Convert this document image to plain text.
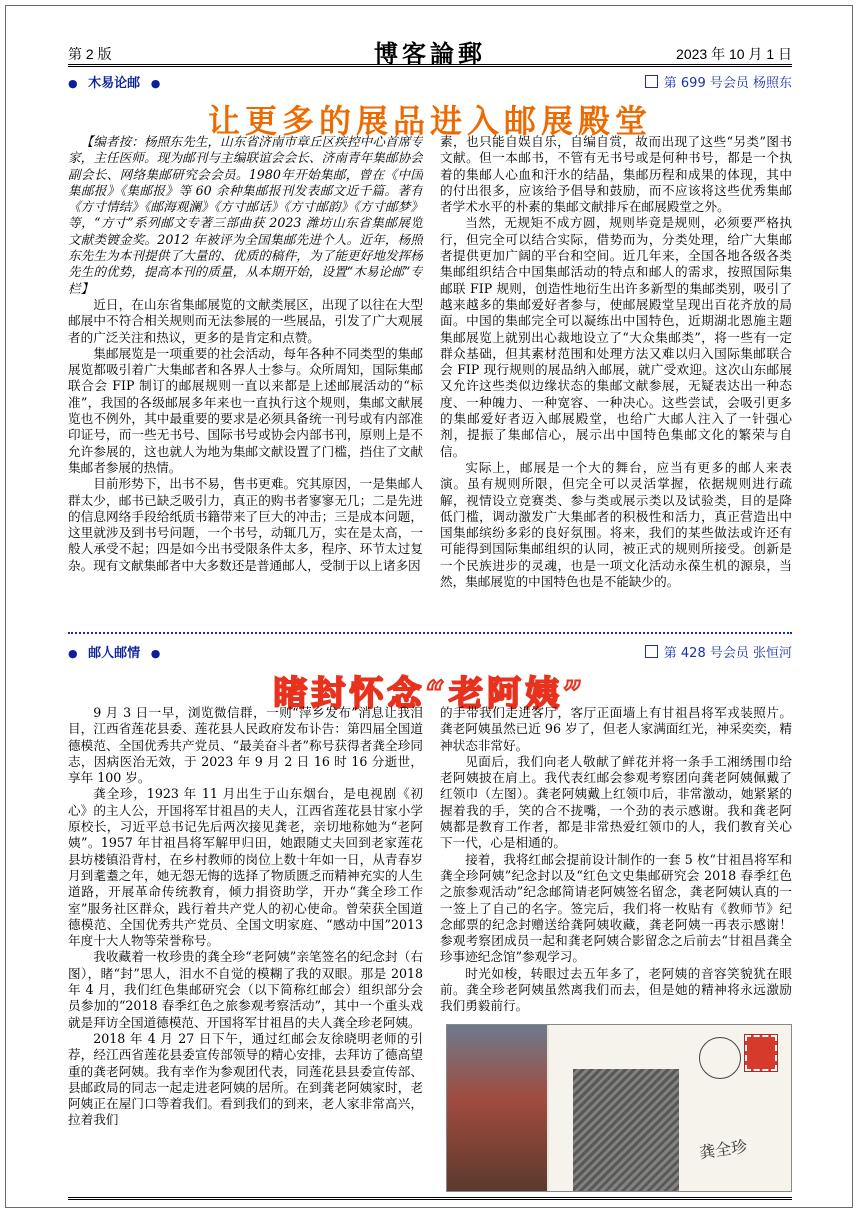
第 2 版	博客論郵	2023 年 10 月 1 日
● 木易论邮 ●	第 699 号会员 杨照东
让更多的展品进入邮展殿堂

【编者按：杨照东先生，山东省济南市章丘区疾控中心首席专家，主任医师。现为邮刊与主编联谊会会长、济南青年集邮协会副会长、网络集邮研究会会员。1980年开始集邮，曾在《中国集邮报》《集邮报》等 60 余种集邮报刊发表邮文近千篇。著有《方寸情结》《邮海观澜》《方寸邮话》《方寸邮韵》《方寸邮梦》等，“方寸”系列邮文专著三部曲获 2023 潍坊山东省集邮展览文献类镀金奖。2012 年被评为全国集邮先进个人。近年，杨照东先生为本刊提供了大量的、优质的稿件，为了能更好地发挥杨先生的优势，提高本刊的质量，从本期开始，设置“木易论邮”专栏】

近日，在山东省集邮展览的文献类展区，出现了以往在大型邮展中不符合相关规则而无法参展的一些展品，引发了广大观展者的广泛关注和热议，更多的是肯定和点赞。

集邮展览是一项重要的社会活动，每年各种不同类型的集邮展览都吸引着广大集邮者和各界人士参与。众所周知，国际集邮联合会 FIP 制订的邮展规则一直以来都是上述邮展活动的“标准”，我国的各级邮展多年来也一直执行这个规则，集邮文献展览也不例外，其中最重要的要求是必须具备统一刊号或有内部准印证号，而一些无书号、国际书号或协会内部书刊，原则上是不允许参展的，这也就人为地为集邮文献设置了门槛，挡住了文献集邮者参展的热情。

目前形势下，出书不易，售书更难。究其原因，一是集邮人群太少，邮书已缺乏吸引力，真正的购书者寥寥无几；二是先进的信息网络手段给纸质书籍带来了巨大的冲击；三是成本问题，这里就涉及到书号问题，一个书号，动辄几万，实在是太高，一般人承受不起；四是如今出书受限条件太多，程序、环节太过复杂。现有文献集邮者中大多数还是普通邮人，受制于以上诸多因

素，也只能自娱自乐，自编自赏，故而出现了这些“另类”图书文献。但一本邮书，不管有无书号或是何种书号，都是一个执着的集邮人心血和汗水的结晶，集邮历程和成果的体现，其中的付出很多，应该给予倡导和鼓励，而不应该将这些优秀集邮者学术水平的朴素的集邮文献排斥在邮展殿堂之外。

当然，无规矩不成方圆，规则毕竟是规则，必须要严格执行，但完全可以结合实际，借势而为，分类处理，给广大集邮者提供更加广阔的平台和空间。近几年来，全国各地各级各类集邮组织结合中国集邮活动的特点和邮人的需求，按照国际集邮联 FIP 规则，创造性地衍生出许多新型的集邮类别，吸引了越来越多的集邮爱好者参与，使邮展殿堂呈现出百花齐放的局面。中国的集邮完全可以凝练出中国特色，近期湖北恩施主题集邮展览上就别出心裁地设立了“大众集邮类”，将一些有一定群众基础，但其素材范围和处理方法又难以归入国际集邮联合会 FIP 现行规则的展品纳入邮展，就广受欢迎。这次山东邮展又允许这些类似边缘状态的集邮文献参展，无疑表达出一种态度、一种魄力、一种宽容、一种决心。这些尝试，会吸引更多的集邮爱好者迈入邮展殿堂，也给广大邮人注入了一针强心剂，提振了集邮信心，展示出中国特色集邮文化的繁荣与自信。

实际上，邮展是一个大的舞台，应当有更多的邮人来表演。虽有规则所限，但完全可以灵活掌握，依据规则进行疏解，视情设立竞赛类、参与类或展示类以及试验类，目的是降低门槛，调动激发广大集邮者的积极性和活力，真正营造出中国集邮缤纷多彩的良好氛围。将来，我们的某些做法或许还有可能得到国际集邮组织的认同，被正式的规则所接受。创新是一个民族进步的灵魂，也是一项文化活动永葆生机的源泉，当然，集邮展览的中国特色也是不能缺少的。

● 邮人邮情 ●	第 428 号会员 张恒河
睹封怀念“老阿姨”

9 月 3 日一早，浏览微信群，一则“萍乡发布”消息让我泪目，江西省莲花县委、莲花县人民政府发布讣告：第四届全国道德模范、全国优秀共产党员、“最美奋斗者”称号获得者龚全珍同志，因病医治无效，于 2023 年 9 月 2 日 16 时 16 分逝世，享年 100 岁。

龚全珍，1923 年 11 月出生于山东烟台，是电视剧《初心》的主人公，开国将军甘祖昌的夫人，江西省莲花县甘家小学原校长，习近平总书记先后两次接见龚老，亲切地称她为“老阿姨”。1957 年甘祖昌将军解甲归田，她跟随丈夫回到老家莲花县坊楼镇沿背村，在乡村教师的岗位上数十年如一日，从青春岁月到耄耋之年，她无怨无悔的选择了物质匮乏而精神充实的人生道路，开展革命传统教育，倾力捐资助学，开办“龚全珍工作室”服务社区群众，践行着共产党人的初心使命。曾荣获全国道德模范、全国优秀共产党员、全国文明家庭、“感动中国”2013 年度十大人物等荣誉称号。

我收藏着一枚珍贵的龚全珍“老阿姨”亲笔签名的纪念封（右图），睹“封”思人，泪水不自觉的模糊了我的双眼。那是 2018 年 4 月，我们红色集邮研究会（以下简称红邮会）组织部分会员参加的“2018 春季红色之旅参观考察活动”，其中一个重头戏就是拜访全国道德模范、开国将军甘祖昌的夫人龚全珍老阿姨。

2018 年 4 月 27 日下午，通过红邮会友徐晓明老师的引荐，经江西省莲花县委宣传部领导的精心安排，去拜访了德高望重的龚老阿姨。我有幸作为参观团代表，同莲花县县委宣传部、县邮政局的同志一起走进老阿姨的居所。在到龚老阿姨家时，老阿姨正在屋门口等着我们。看到我们的到来，老人家非常高兴，拉着我们

的手带我们走进客厅，客厅正面墙上有甘祖昌将军戎装照片。龚老阿姨虽然已近 96 岁了，但老人家满面红光，神采奕奕，精神状态非常好。

见面后，我们向老人敬献了鲜花并将一条手工湘绣围巾给老阿姨披在肩上。我代表红邮会参观考察团向龚老阿姨佩戴了红领巾（左图）。龚老阿姨戴上红领巾后，非常激动，她紧紧的握着我的手，笑的合不拢嘴，一个劲的表示感谢。我和龚老阿姨都是教育工作者，都是非常热爱红领巾的人，我们教育关心下一代，心是相通的。

接着，我将红邮会提前设计制作的一套 5 枚“甘祖昌将军和龚全珍阿姨”纪念封以及“红色文史集邮研究会 2018 春季红色之旅参观活动”纪念邮简请老阿姨签名留念，龚老阿姨认真的一一签上了自己的名字。签完后，我们将一枚贴有《教师节》纪念邮票的纪念封赠送给龚阿姨收藏，龚老阿姨一再表示感谢！参观考察团成员一起和龚老阿姨合影留念之后前去“甘祖昌龚全珍事迹纪念馆”参观学习。

时光如梭，转眼过去五年多了，老阿姨的音容笑貌犹在眼前。龚全珍老阿姨虽然离我们而去，但是她的精神将永远激励我们勇毅前行。

龚全珍
